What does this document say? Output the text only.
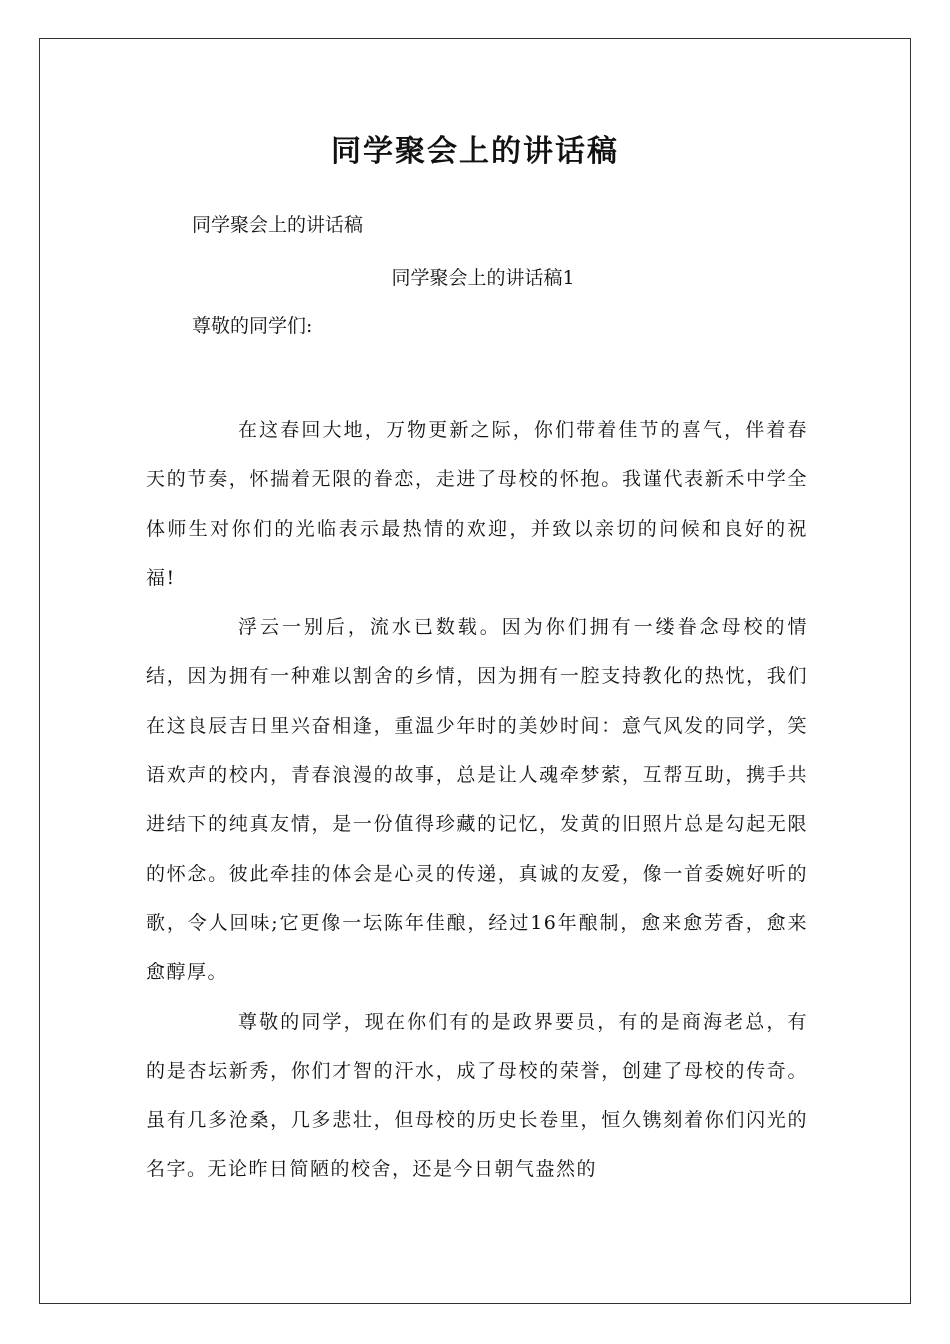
同学聚会上的讲话稿
同学聚会上的讲话稿
同学聚会上的讲话稿1
尊敬的同学们:

在这春回大地，万物更新之际，你们带着佳节的喜气，伴着春天的节奏，怀揣着无限的眷恋，走进了母校的怀抱。我谨代表新禾中学全体师生对你们的光临表示最热情的欢迎，并致以亲切的问候和良好的祝福!

浮云一别后，流水已数载。因为你们拥有一缕眷念母校的情结，因为拥有一种难以割舍的乡情，因为拥有一腔支持教化的热忱，我们在这良辰吉日里兴奋相逢，重温少年时的美妙时间：意气风发的同学，笑语欢声的校内，青春浪漫的故事，总是让人魂牵梦萦，互帮互助，携手共进结下的纯真友情，是一份值得珍藏的记忆，发黄的旧照片总是勾起无限的怀念。彼此牵挂的体会是心灵的传递，真诚的友爱，像一首委婉好听的歌，令人回味;它更像一坛陈年佳酿，经过16年酿制，愈来愈芳香，愈来愈醇厚。

尊敬的同学，现在你们有的是政界要员，有的是商海老总，有的是杏坛新秀，你们才智的汗水，成了母校的荣誉，创建了母校的传奇。虽有几多沧桑，几多悲壮，但母校的历史长卷里，恒久镌刻着你们闪光的名字。无论昨日简陋的校舍，还是今日朝气盎然的
